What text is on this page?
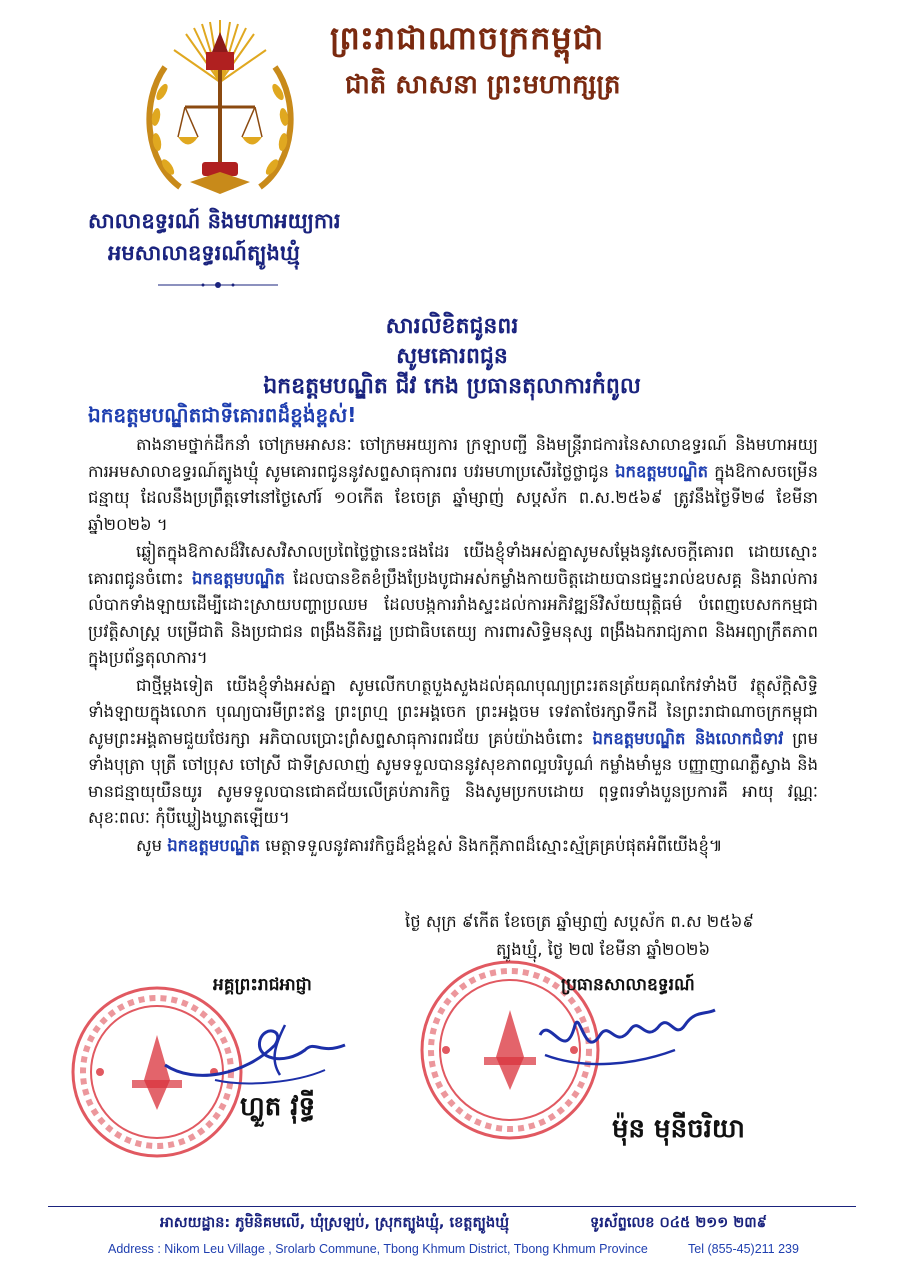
ព្រះរាជាណាចក្រកម្ពុជា
ជាតិ សាសនា ព្រះមហាក្សត្រ
សាលាឧទ្ធរណ៍ និងមហាអយ្យការ
អមសាលាឧទ្ធរណ៍ត្បូងឃ្មុំ
សារលិខិតជូនពរ
សូមគោរពជូន
ឯកឧត្តមបណ្ឌិត ជីវ កេង ប្រធានតុលាការកំពូល
ឯកឧត្តមបណ្ឌិតជាទីគោរពដ៏ខ្ពង់ខ្ពស់!

តាងនាមថ្នាក់ដឹកនាំ ចៅក្រមអាសនៈ ចៅក្រមអយ្យការ ក្រឡាបញ្ជី និងមន្ត្រីរាជការនៃសាលាឧទ្ធរណ៍ និងមហាអយ្យការអមសាលាឧទ្ធរណ៍ត្បូងឃ្មុំ សូមគោរពជូននូវសព្ទសាធុការពរ បវរមហាប្រសើរថ្លៃថ្លាជូន ឯកឧត្តមបណ្ឌិត ក្នុងឱកាសចម្រើនជន្មាយុ ដែលនឹងប្រព្រឹត្តទៅនៅថ្ងៃសៅរ៍ ១០កើត ខែចេត្រ ឆ្នាំម្សាញ់ សប្តស័ក ព.ស.២៥៦៩ ត្រូវនឹងថ្ងៃទី២៨ ខែមីនា ឆ្នាំ២០២៦ ។

ឆ្លៀតក្នុងឱកាសដ៏វិសេសវិសាលប្រពៃថ្លៃថ្លានេះផងដែរ យើងខ្ញុំទាំងអស់គ្នាសូមសម្តែងនូវសេចក្តីគោរព ដោយស្មោះគោរពជូនចំពោះ ឯកឧត្តមបណ្ឌិត ដែលបានខិតខំប្រឹងប្រែងបូជាអស់កម្លាំងកាយចិត្តដោយបានជម្នះរាល់ឧបសគ្គ និងរាល់ការលំបាកទាំងឡាយដើម្បីដោះស្រាយបញ្ហាប្រឈម ដែលបង្កការរាំងស្ទះដល់ការអភិវឌ្ឍន៍វិស័យយុត្តិធម៌ បំពេញបេសកកម្មជាប្រវត្តិសាស្ត្រ បម្រើជាតិ និងប្រជាជន ពង្រឹងនីតិរដ្ឋ ប្រជាធិបតេយ្យ ការពារសិទ្ធិមនុស្ស ពង្រឹងឯករាជ្យភាព និងអព្យាក្រឹតភាពក្នុងប្រព័ន្ធតុលាការ។

ជាថ្មីម្តងទៀត យើងខ្ញុំទាំងអស់គ្នា សូមលើកហត្ថបួងសួងដល់គុណបុណ្យព្រះរតនត្រ័យគុណកែវទាំងបី វត្ថុស័ក្តិសិទ្ធិទាំងឡាយក្នុងលោក បុណ្យបារមីព្រះឥន្ទ ព្រះព្រហ្ម ព្រះអង្គចេក ព្រះអង្គចម ទេវតាថែរក្សាទឹកដី នៃព្រះរាជាណាចក្រកម្ពុជា សូមព្រះអង្គតាមជួយថែរក្សា អភិបាលប្រោះព្រំសព្ទសាធុការពរជ័យ គ្រប់យ៉ាងចំពោះ ឯកឧត្តមបណ្ឌិត និងលោកជំទាវ ព្រមទាំងបុត្រា បុត្រី ចៅប្រុស ចៅស្រី ជាទីស្រលាញ់ សូមទទួលបាននូវសុខភាពល្អបរិបូណ៌ កម្លាំងមាំមួន បញ្ញាញាណភ្លឺស្វាង និងមានជន្មាយុយឺនយូរ សូមទទួលបានជោគជ័យលើគ្រប់ភារកិច្ច និងសូមប្រកបដោយ ពុទ្ធពរទាំងបួនប្រការគឺ អាយុ វណ្ណៈ សុខៈពលៈ កុំបីឃ្លៀងឃ្លាតឡើយ។

សូម ឯកឧត្តមបណ្ឌិត មេត្តាទទួលនូវគារវកិច្ចដ៏ខ្ពង់ខ្ពស់ និងកក្តីភាពដ៏ស្មោះស្ម័គ្រគ្រប់ផុតអំពីយើងខ្ញុំ៕

ថ្ងៃ សុក្រ ៩កើត ខែចេត្រ ឆ្នាំម្សាញ់ សប្តស័ក ព.ស ២៥៦៩
ត្បូងឃ្មុំ, ថ្ងៃ ២៧ ខែមីនា ឆ្នាំ២០២៦
អគ្គព្រះរាជអាជ្ញា	ប្រធានសាលាឧទ្ធរណ៍
ហ្លួត វុទ្ធី
ម៉ុន មុនីចរិយា
អាសយដ្ឋាន: ភូមិនិគមលើ, ឃុំស្រឡប់, ស្រុកត្បូងឃ្មុំ, ខេត្តត្បូងឃ្មុំ	ទូរស័ព្ទលេខ ០៤៥ ២១១ ២៣៩
Address : Nikom Leu Village , Srolarb Commune, Tbong Khmum District, Tbong Khmum Province	Tel (855-45)211 239
